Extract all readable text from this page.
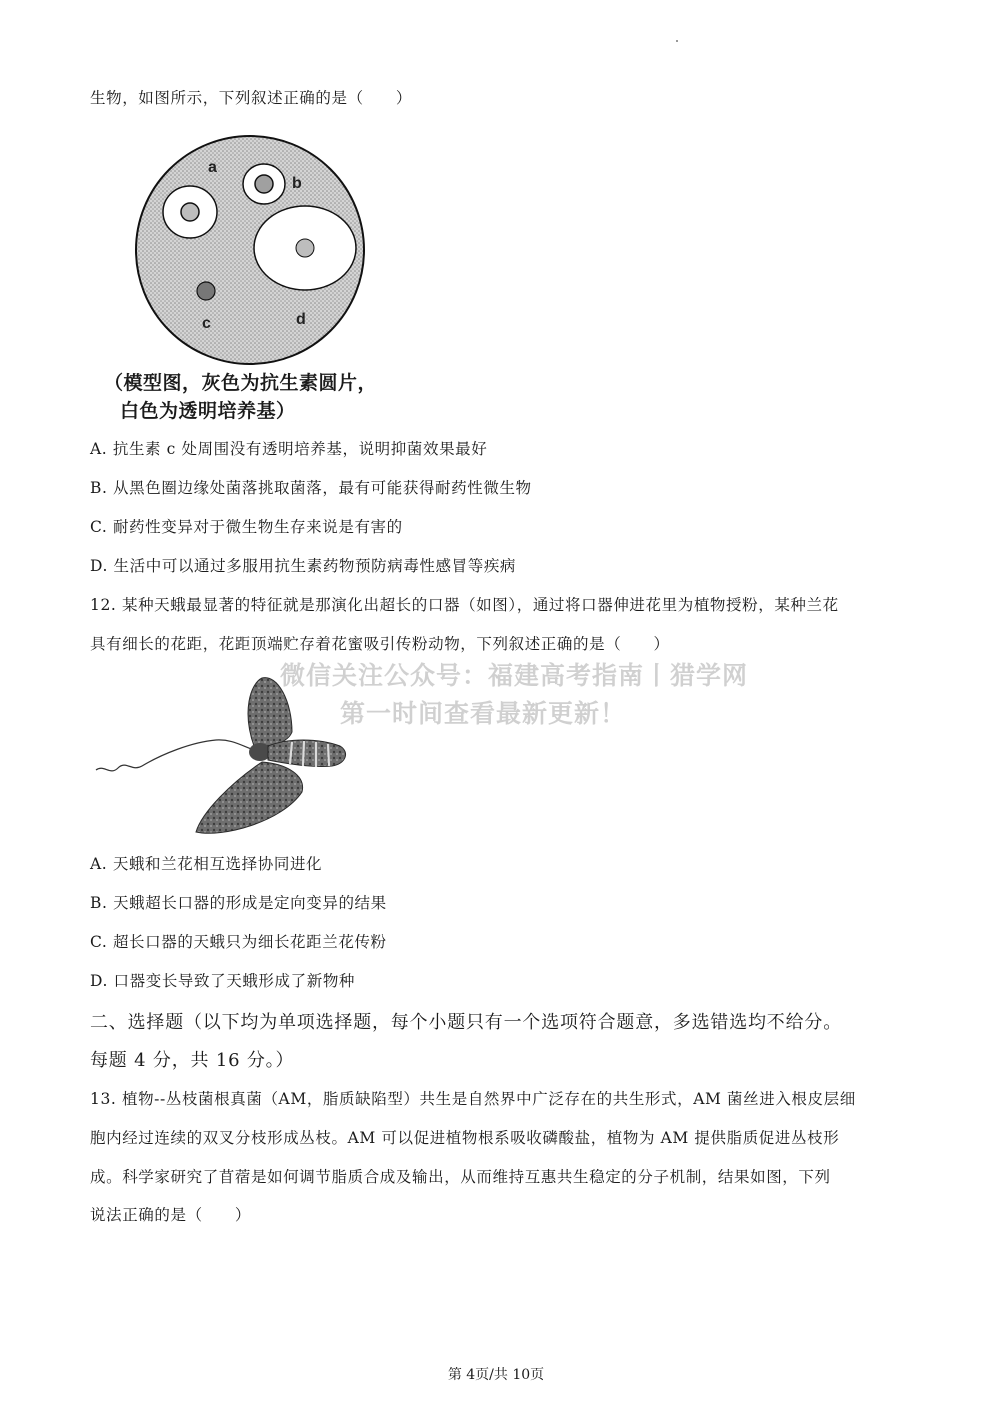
生物，如图所示，下列叙述正确的是（　　）
a
b
c	d
（模型图，灰色为抗生素圆片，
白色为透明培养基）
A. 抗生素 c 处周围没有透明培养基，说明抑菌效果最好
B. 从黑色圈边缘处菌落挑取菌落，最有可能获得耐药性微生物
C. 耐药性变异对于微生物生存来说是有害的
D. 生活中可以通过多服用抗生素药物预防病毒性感冒等疾病
12. 某种天蛾最显著的特征就是那演化出超长的口器（如图），通过将口器伸进花里为植物授粉，某种兰花
具有细长的花距，花距顶端贮存着花蜜吸引传粉动物，下列叙述正确的是（　　）
微信关注公众号：福建高考指南丨猎学网
第一时间查看最新更新！
A. 天蛾和兰花相互选择协同进化
B. 天蛾超长口器的形成是定向变异的结果
C. 超长口器的天蛾只为细长花距兰花传粉
D. 口器变长导致了天蛾形成了新物种
二、选择题（以下均为单项选择题，每个小题只有一个选项符合题意，多选错选均不给分。
每题 4 分，共 16 分。）
13. 植物--丛枝菌根真菌（AM，脂质缺陷型）共生是自然界中广泛存在的共生形式，AM 菌丝进入根皮层细
胞内经过连续的双叉分枝形成丛枝。AM 可以促进植物根系吸收磷酸盐，植物为 AM 提供脂质促进丛枝形
成。科学家研究了苜蓿是如何调节脂质合成及输出，从而维持互惠共生稳定的分子机制，结果如图，下列
说法正确的是（　　）
第 4页/共 10页
